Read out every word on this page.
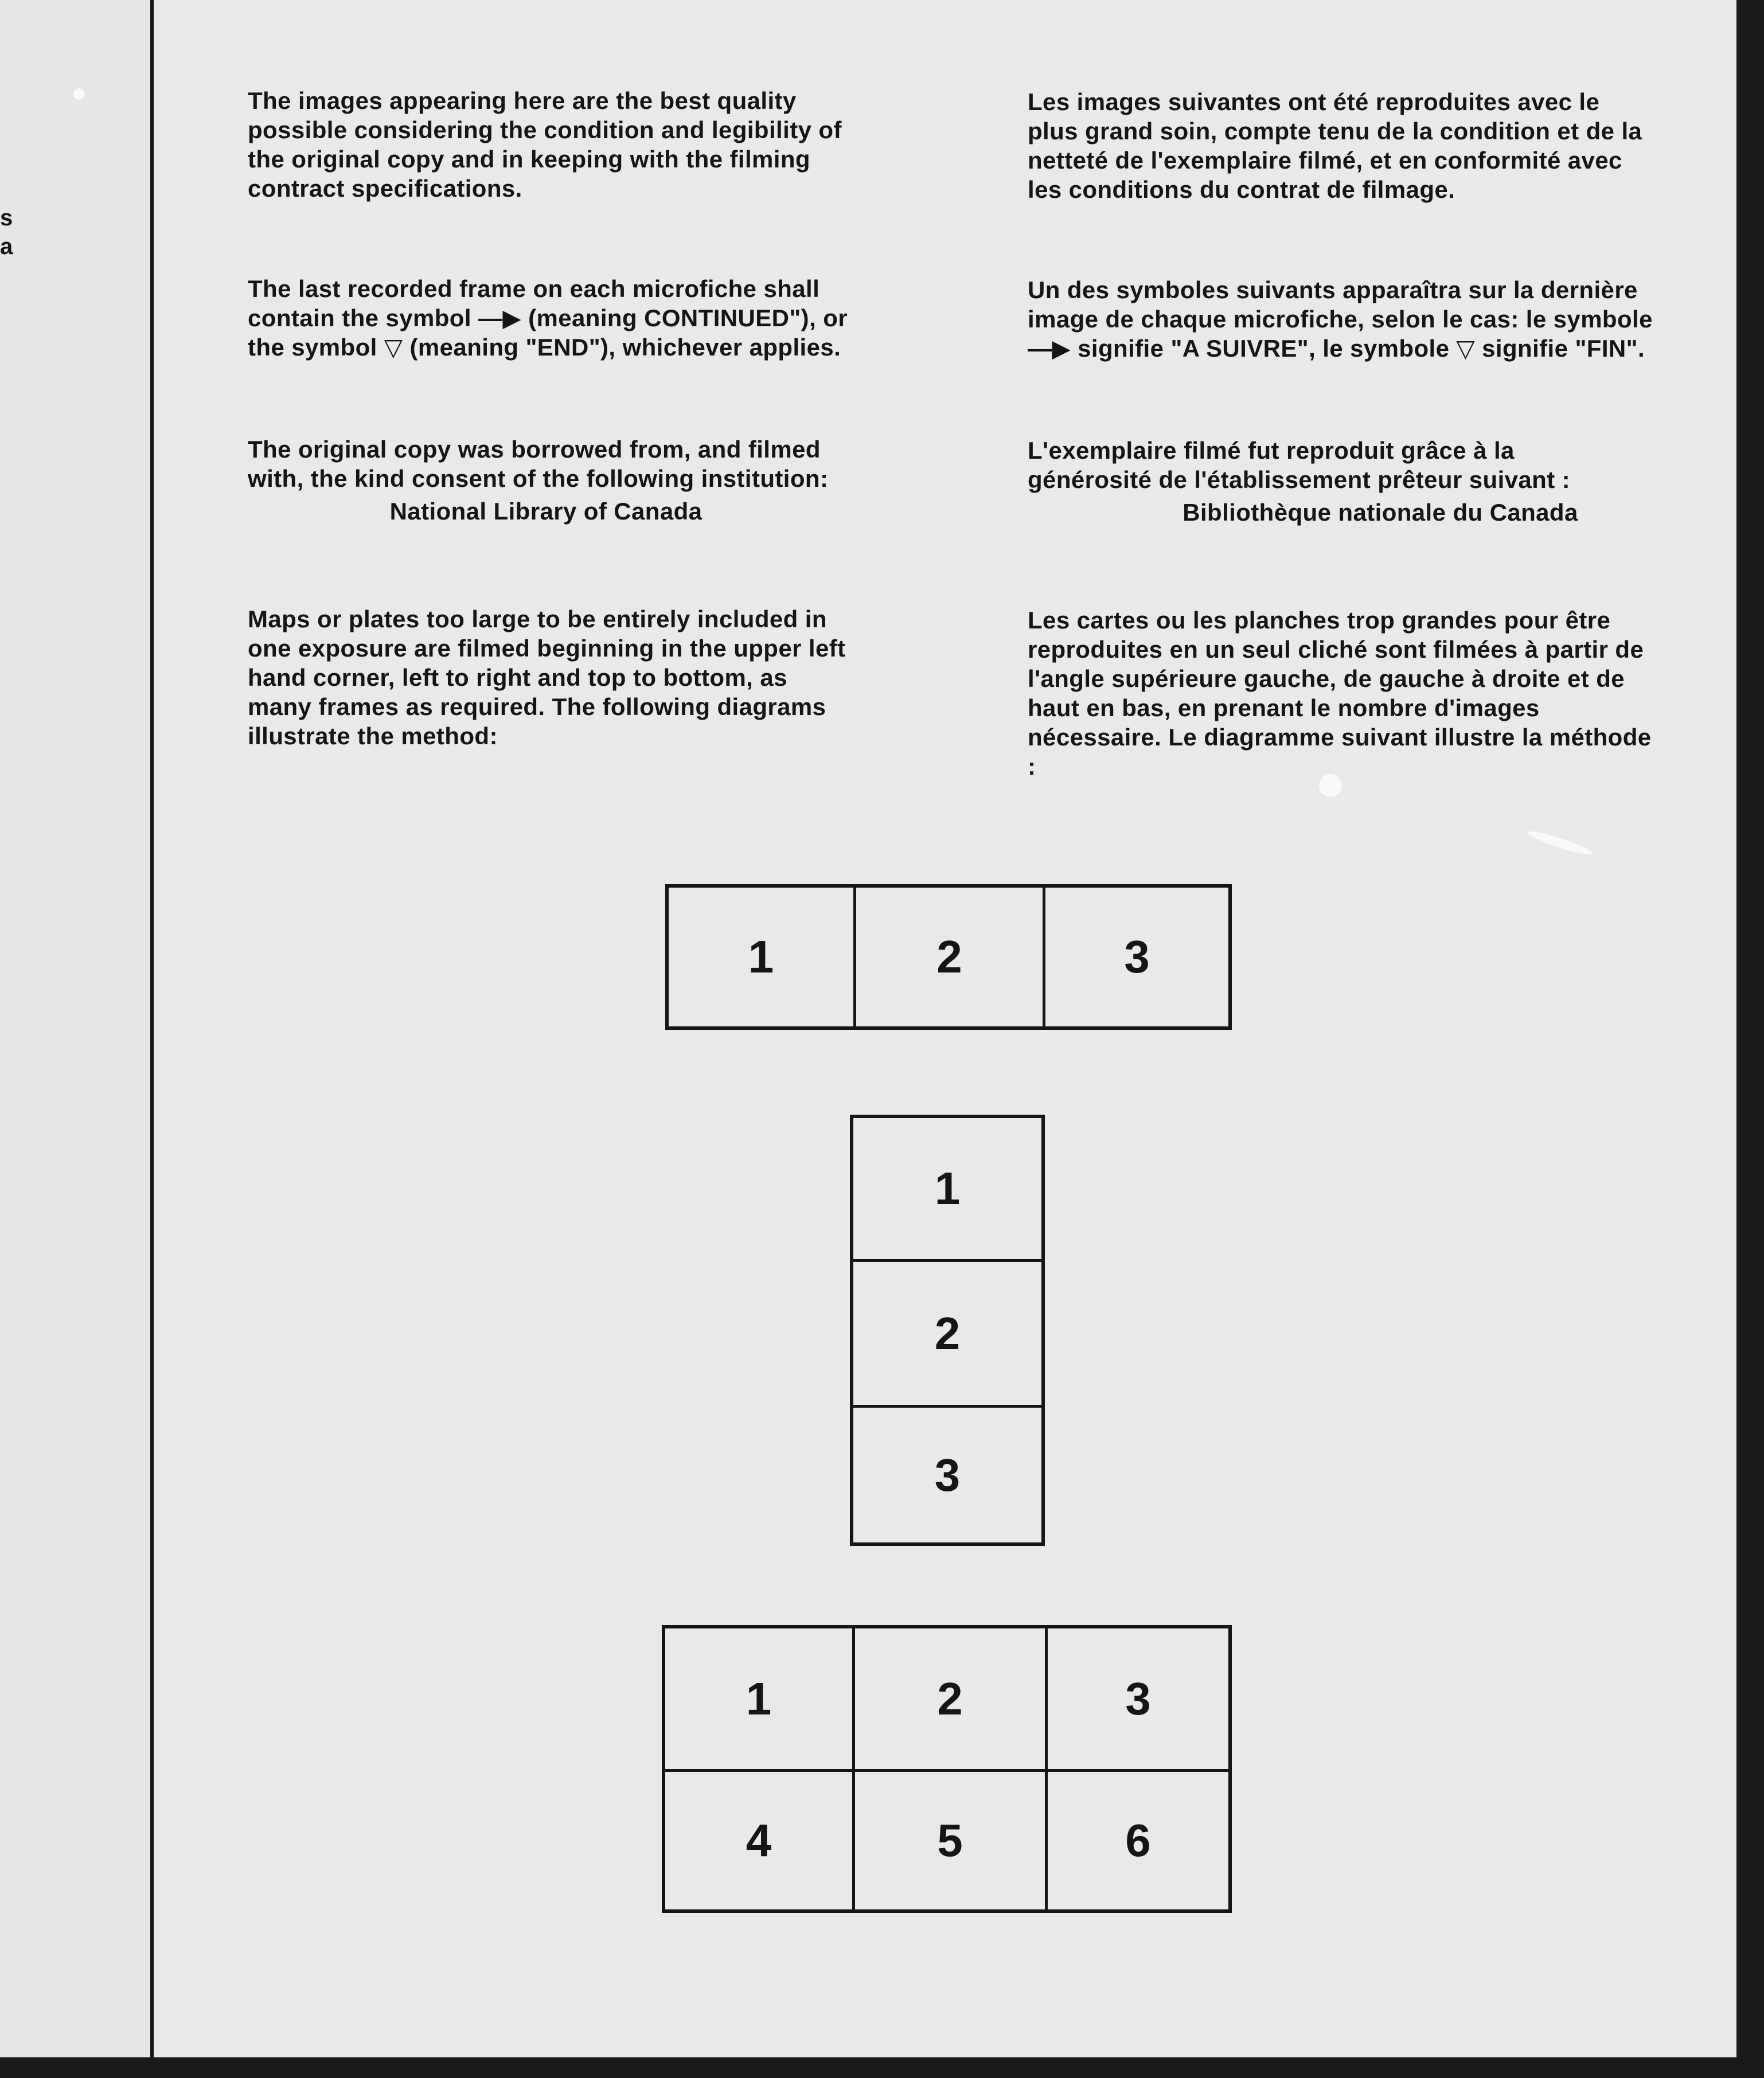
s
a

The images appearing here are the best quality possible considering the condition and legibility of the original copy and in keeping with the filming contract specifications.

The last recorded frame on each microfiche shall contain the symbol —▶ (meaning CONTINUED"), or the symbol ▽ (meaning "END"), whichever applies.

The original copy was borrowed from, and filmed with, the kind consent of the following institution:

National Library of Canada

Maps or plates too large to be entirely included in one exposure are filmed beginning in the upper left hand corner, left to right and top to bottom, as many frames as required. The following diagrams illustrate the method:

Les images suivantes ont été reproduites avec le plus grand soin, compte tenu de la condition et de la netteté de l'exemplaire filmé, et en conformité avec les conditions du contrat de filmage.

Un des symboles suivants apparaîtra sur la dernière image de chaque microfiche, selon le cas: le symbole —▶ signifie "A SUIVRE", le symbole ▽ signifie "FIN".

L'exemplaire filmé fut reproduit grâce à la générosité de l'établissement prêteur suivant :

Bibliothèque nationale du Canada

Les cartes ou les planches trop grandes pour être reproduites en un seul cliché sont filmées à partir de l'angle supérieure gauche, de gauche à droite et de haut en bas, en prenant le nombre d'images nécessaire. Le diagramme suivant illustre la méthode :

1	2	3
1
2
3
1	2	3
4	5	6
